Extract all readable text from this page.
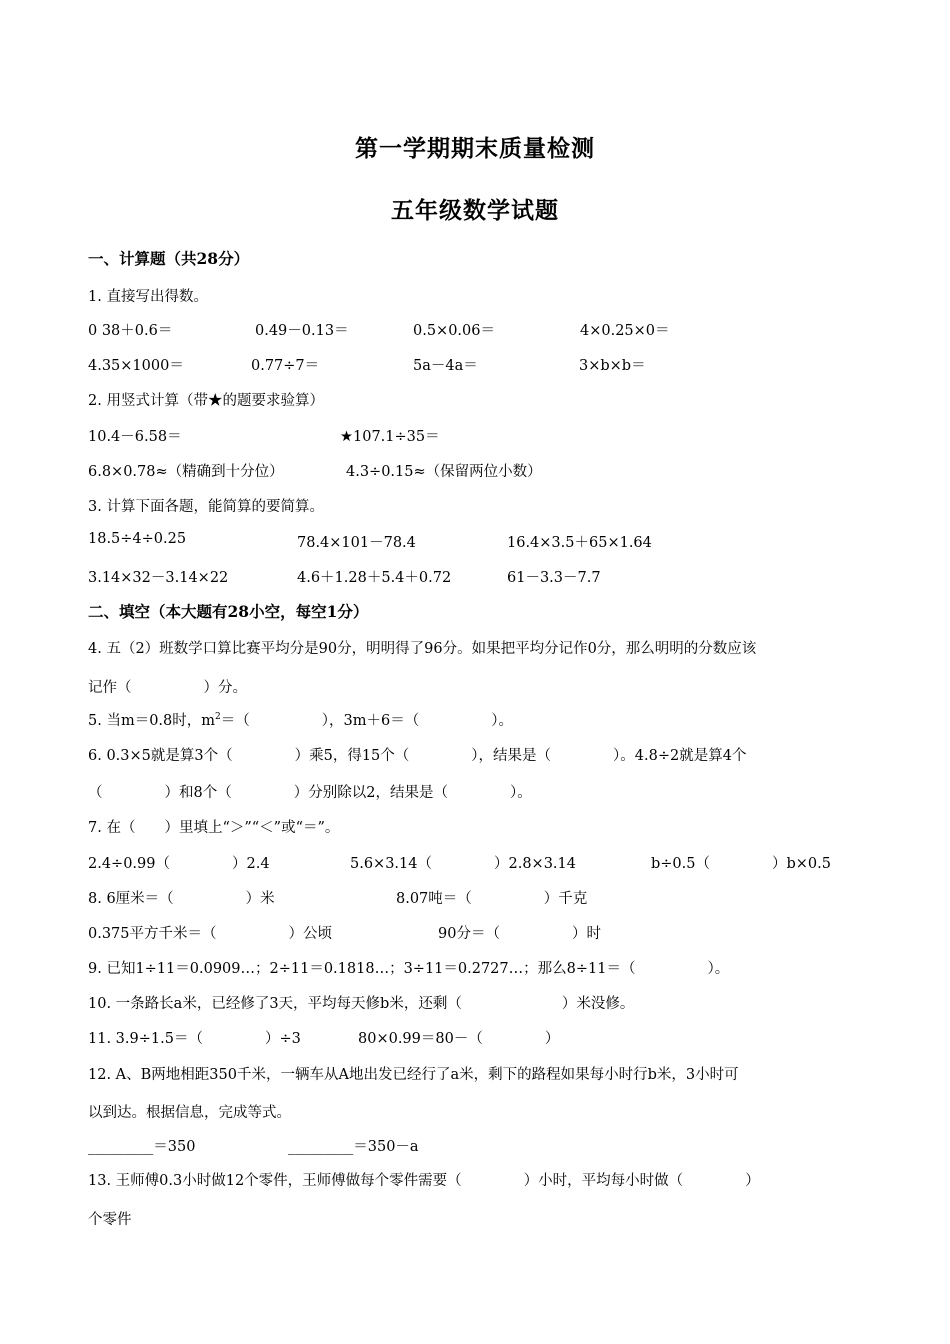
第一学期期末质量检测
五年级数学试题
一、计算题（共28分）
1. 直接写出得数。
0 38＋0.6＝	0.49－0.13＝	0.5×0.06＝	4×0.25×0＝
4.35×1000＝	0.77÷7＝	5a－4a＝	3×b×b＝
2. 用竖式计算（带★的题要求验算）
10.4－6.58＝	★107.1÷35＝
6.8×0.78≈（精确到十分位）	4.3÷0.15≈（保留两位小数）
3. 计算下面各题，能简算的要简算。
18.5÷4÷0.25	78.4×101－78.4	16.4×3.5＋65×1.64
3.14×32－3.14×22	4.6＋1.28＋5.4＋0.72	61－3.3－7.7
二、填空（本大题有28小空，每空1分）
4. 五（2）班数学口算比赛平均分是90分，明明得了96分。如果把平均分记作0分，那么明明的分数应该
记作（	）分。
5. 当m＝0.8时，$m^2=$（	），3m＋6＝（	）。
6. 0.3×5就是算3个（	）乘5，得15个（	），结果是（	）。4.8÷2就是算4个
（	）和8个（	）分别除以2，结果是（	）。
7. 在（　　）里填上“＞”“＜”或“＝”。
2.4÷0.99（	）2.4	5.6×3.14（	）2.8×3.14	b÷0.5（	）b×0.5
8. 6厘米＝（	）米	8.07吨＝（	）千克
0.375平方千米＝（	）公顷	90分＝（	）时
9. 已知1÷11＝0.0909…；2÷11＝0.1818…；3÷11＝0.2727…；那么8÷11＝（	）。
10. 一条路长a米，已经修了3天，平均每天修b米，还剩（	）米没修。
11. 3.9÷1.5＝（	）÷3	80×0.99＝80－（	）
12. A、B两地相距350千米，一辆车从A地出发已经行了a米，剩下的路程如果每小时行b米，3小时可
以到达。根据信息，完成等式。
_________＝350	_________＝350－a
13. 王师傅0.3小时做12个零件，王师傅做每个零件需要（	）小时，平均每小时做（	）
个零件
